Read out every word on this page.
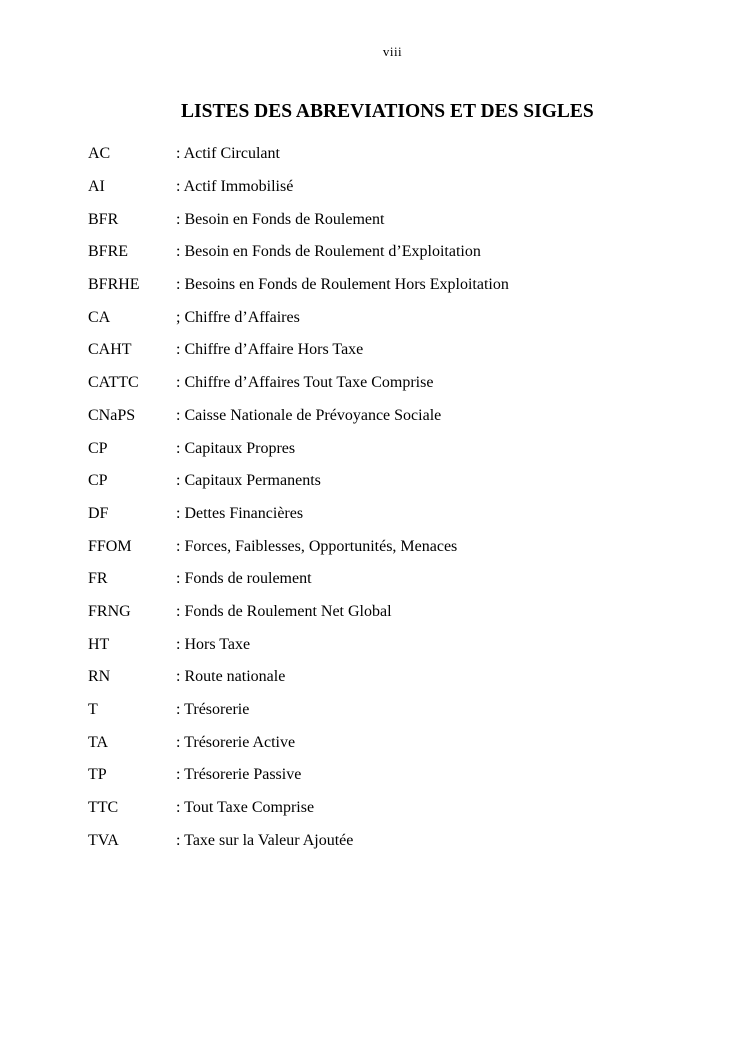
viii
LISTES DES ABREVIATIONS ET DES SIGLES
AC	: Actif Circulant
AI	: Actif Immobilisé
BFR	: Besoin en Fonds de Roulement
BFRE	: Besoin en Fonds de Roulement d’Exploitation
BFRHE	: Besoins en Fonds de Roulement Hors Exploitation
CA	; Chiffre d’Affaires
CAHT	: Chiffre d’Affaire Hors Taxe
CATTC	: Chiffre d’Affaires Tout Taxe Comprise
CNaPS	: Caisse Nationale de Prévoyance Sociale
CP	: Capitaux Propres
CP	: Capitaux Permanents
DF	: Dettes Financières
FFOM	: Forces, Faiblesses, Opportunités, Menaces
FR	: Fonds de roulement
FRNG	: Fonds de Roulement Net Global
HT	: Hors Taxe
RN	: Route nationale
T	: Trésorerie
TA	: Trésorerie Active
TP	: Trésorerie Passive
TTC	: Tout Taxe Comprise
TVA	: Taxe sur la Valeur Ajoutée
